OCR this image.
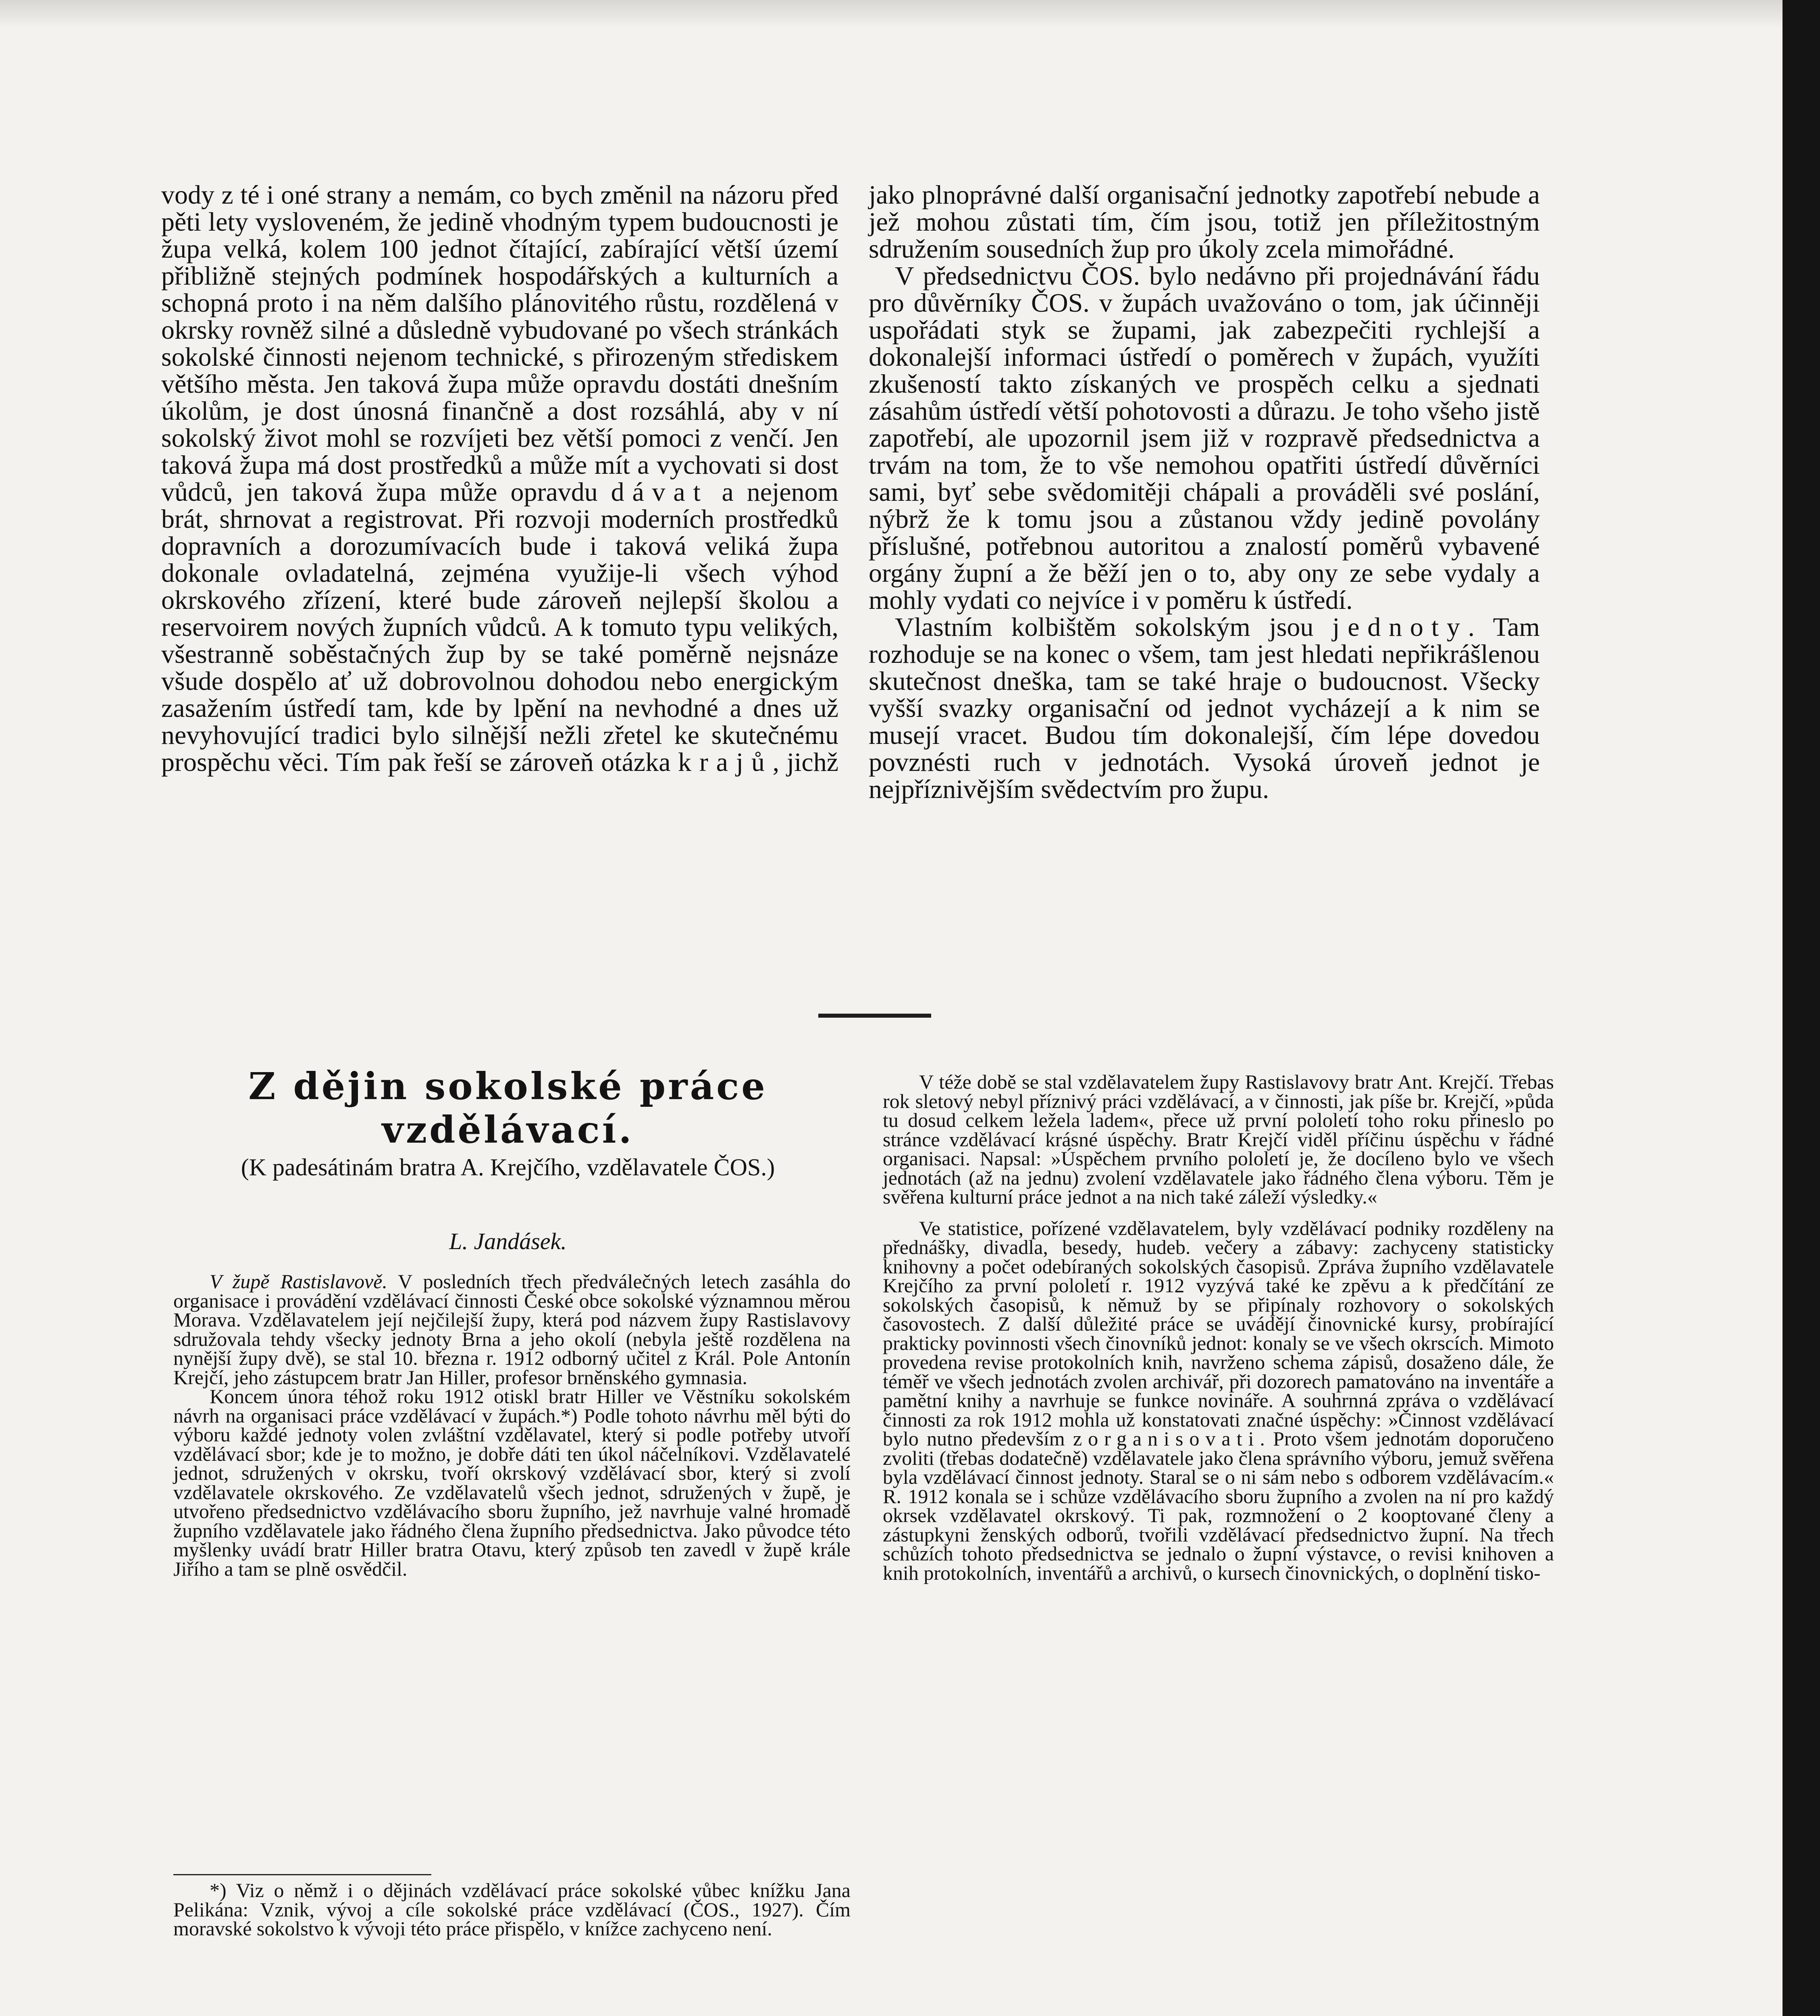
vody z té i oné strany a nemám, co bych změnil na názoru před pěti lety vysloveném, že jedině vhodným typem budoucnosti je župa velká, kolem 100 jednot čítající, zabírající větší území přibližně stejných podmínek hospodářských a kulturních a schopná proto i na něm dalšího plánovitého růstu, rozdělená v okrsky rovněž silné a důsledně vybudované po všech stránkách sokolské činnosti nejenom technické, s přirozeným střediskem většího města. Jen taková župa může opravdu dostáti dnešním úkolům, je dost únosná finančně a dost rozsáhlá, aby v ní sokolský život mohl se rozvíjeti bez větší pomoci z venčí. Jen taková župa má dost prostředků a může mít a vychovati si dost vůdců, jen taková župa může opravdu dávat a nejenom brát, shrnovat a registrovat. Při rozvoji moderních prostředků dopravních a dorozumívacích bude i taková veliká župa dokonale ovladatelná, zejména využije-li všech výhod okrskového zřízení, které bude zároveň nejlepší školou a reservoirem nových župních vůdců. A k tomuto typu velikých, všestranně soběstačných žup by se také poměrně nejsnáze všude dospělo ať už dobrovolnou dohodou nebo energickým zasažením ústředí tam, kde by lpění na nevhodné a dnes už nevyhovující tradici bylo silnější nežli zřetel ke skutečnému prospěchu věci. Tím pak řeší se zároveň otázka krajů, jichž

jako plnoprávné další organisační jednotky zapotřebí nebude a jež mohou zůstati tím, čím jsou, totiž jen příležitostným sdružením sousedních žup pro úkoly zcela mimořádné.

V předsednictvu ČOS. bylo nedávno při projednávání řádu pro důvěrníky ČOS. v župách uvažováno o tom, jak účinněji uspořádati styk se župami, jak zabezpečiti rychlejší a dokonalejší informaci ústředí o poměrech v župách, využíti zkušeností takto získaných ve prospěch celku a sjednati zásahům ústředí větší pohotovosti a důrazu. Je toho všeho jistě zapotřebí, ale upozornil jsem již v rozpravě předsednictva a trvám na tom, že to vše nemohou opatřiti ústředí důvěrníci sami, byť sebe svědomitěji chápali a prováděli své poslání, nýbrž že k tomu jsou a zůstanou vždy jedině povolány příslušné, potřebnou autoritou a znalostí poměrů vybavené orgány župní a že běží jen o to, aby ony ze sebe vydaly a mohly vydati co nejvíce i v poměru k ústředí.

Vlastním kolbištěm sokolským jsou jednoty. Tam rozhoduje se na konec o všem, tam jest hledati nepřikrášlenou skutečnost dneška, tam se také hraje o budoucnost. Všecky vyšší svazky organisační od jednot vycházejí a k nim se musejí vracet. Budou tím dokonalejší, čím lépe dovedou povznésti ruch v jednotách. Vysoká úroveň jednot je nejpříznivějším svědectvím pro župu.

Z dějin sokolské práce vzdělávací.

(K padesátinám bratra A. Krejčího, vzdělavatele ČOS.)

L. Jandásek.

V župě Rastislavově. V posledních třech předválečných letech zasáhla do organisace i provádění vzdělávací činnosti České obce sokolské významnou měrou Morava. Vzdělavatelem její nejčilejší župy, která pod názvem župy Rastislavovy sdružovala tehdy všecky jednoty Brna a jeho okolí (nebyla ještě rozdělena na nynější župy dvě), se stal 10. března r. 1912 odborný učitel z Král. Pole Antonín Krejčí, jeho zástupcem bratr Jan Hiller, profesor brněnského gymnasia.

Koncem února téhož roku 1912 otiskl bratr Hiller ve Věstníku sokolském návrh na organisaci práce vzdělávací v župách.*) Podle tohoto návrhu měl býti do výboru každé jednoty volen zvláštní vzdělavatel, který si podle potřeby utvoří vzdělávací sbor; kde je to možno, je dobře dáti ten úkol náčelníkovi. Vzdělavatelé jednot, sdružených v okrsku, tvoří okrskový vzdělávací sbor, který si zvolí vzdělavatele okrskového. Ze vzdělavatelů všech jednot, sdružených v župě, je utvořeno předsednictvo vzdělávacího sboru župního, jež navrhuje valné hromadě župního vzdělavatele jako řádného člena župního předsednictva. Jako původce této myšlenky uvádí bratr Hiller bratra Otavu, který způsob ten zavedl v župě krále Jiřího a tam se plně osvědčil.

*) Viz o němž i o dějinách vzdělávací práce sokolské vůbec knížku Jana Pelikána: Vznik, vývoj a cíle sokolské práce vzdělávací (ČOS., 1927). Čím moravské sokolstvo k vývoji této práce přispělo, v knížce zachyceno není.

V téže době se stal vzdělavatelem župy Rastislavovy bratr Ant. Krejčí. Třebas rok sletový nebyl příznivý práci vzdělávací, a v činnosti, jak píše br. Krejčí, »půda tu dosud celkem ležela ladem«, přece už první pololetí toho roku přineslo po stránce vzdělávací krásné úspěchy. Bratr Krejčí viděl příčinu úspěchu v řádné organisaci. Napsal: »Úspěchem prvního pololetí je, že docíleno bylo ve všech jednotách (až na jednu) zvolení vzdělavatele jako řádného člena výboru. Těm je svěřena kulturní práce jednot a na nich také záleží výsledky.«

Ve statistice, pořízené vzdělavatelem, byly vzdělávací podniky rozděleny na přednášky, divadla, besedy, hudeb. večery a zábavy: zachyceny statisticky knihovny a počet odebíraných sokolských časopisů. Zpráva župního vzdělavatele Krejčího za první pololetí r. 1912 vyzývá také ke zpěvu a k předčítání ze sokolských časopisů, k němuž by se připínaly rozhovory o sokolských časovostech. Z další důležité práce se uvádějí činovnické kursy, probírající prakticky povinnosti všech činovníků jednot: konaly se ve všech okrscích. Mimoto provedena revise protokolních knih, navrženo schema zápisů, dosaženo dále, že téměř ve všech jednotách zvolen archivář, při dozorech pamatováno na inventáře a pamětní knihy a navrhuje se funkce novináře. A souhrnná zpráva o vzdělávací činnosti za rok 1912 mohla už konstatovati značné úspěchy: »Činnost vzdělávací bylo nutno především zorganisovati. Proto všem jednotám doporučeno zvoliti (třebas dodatečně) vzdělavatele jako člena správního výboru, jemuž svěřena byla vzdělávací činnost jednoty. Staral se o ni sám nebo s odborem vzdělávacím.« R. 1912 konala se i schůze vzdělávacího sboru župního a zvolen na ní pro každý okrsek vzdělavatel okrskový. Ti pak, rozmnožení o 2 kooptované členy a zástupkyni ženských odborů, tvořili vzdělávací předsednictvo župní. Na třech schůzích tohoto předsednictva se jednalo o župní výstavce, o revisi knihoven a knih protokolních, inventářů a archivů, o kursech činovnických, o doplnění tisko-
